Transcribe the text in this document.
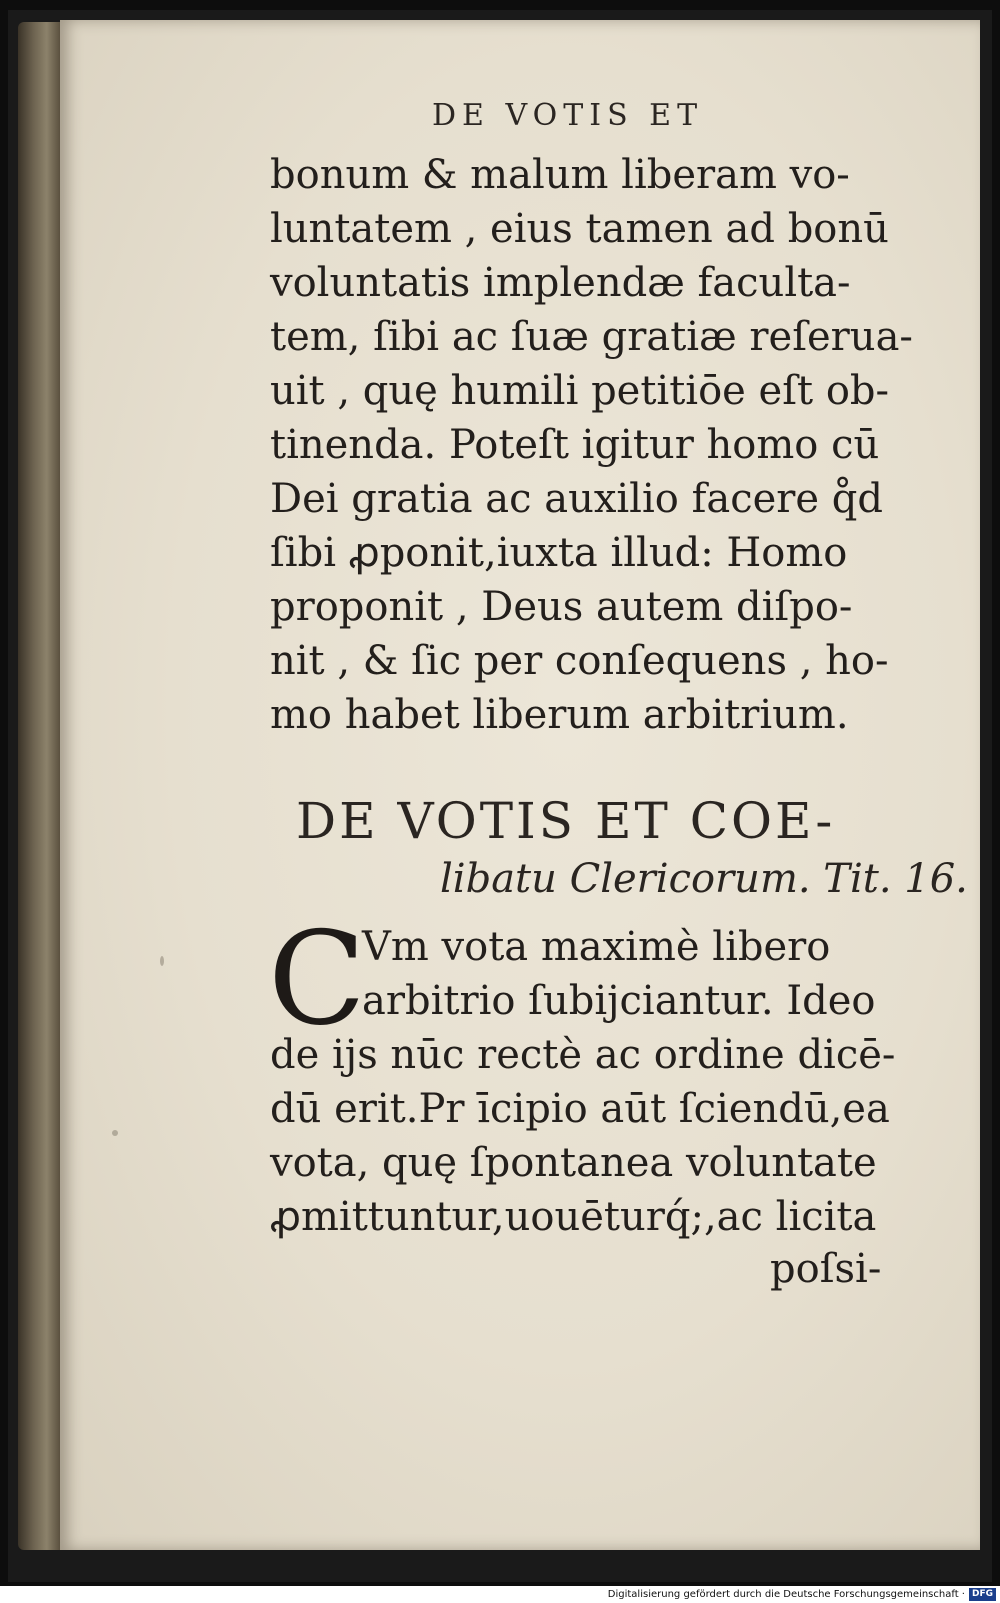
DE VOTIS ET
bonum & malum liberam vo-
luntatem , eius tamen ad bonū
voluntatis implendæ faculta-
tem, ſibi ac ſuæ gratiæ reſerua-
uit , quę humili petitiōe eſt ob-
tinenda. Poteſt igitur homo cū
Dei gratia ac auxilio facere q̊d
ſibi ꝓponit,iuxta illud: Homo
proponit , Deus autem diſpo-
nit , & ſic per conſequens , ho-
mo habet liberum arbitrium.
DE VOTIS ET COE-
libatu Clericorum. Tit. 16.
C
Vm vota maximè libero
arbitrio ſubijciantur. Ideo
de ijs nūc rectè ac ordine dicē-
dū erit.Pr īcipio aūt ſciendū,ea
vota, quę ſpontanea voluntate
ꝓmittuntur,uouēturq́;,ac licita
poſsi-
Digitalisierung gefördert durch die Deutsche Forschungsgemeinschaft · DFG
